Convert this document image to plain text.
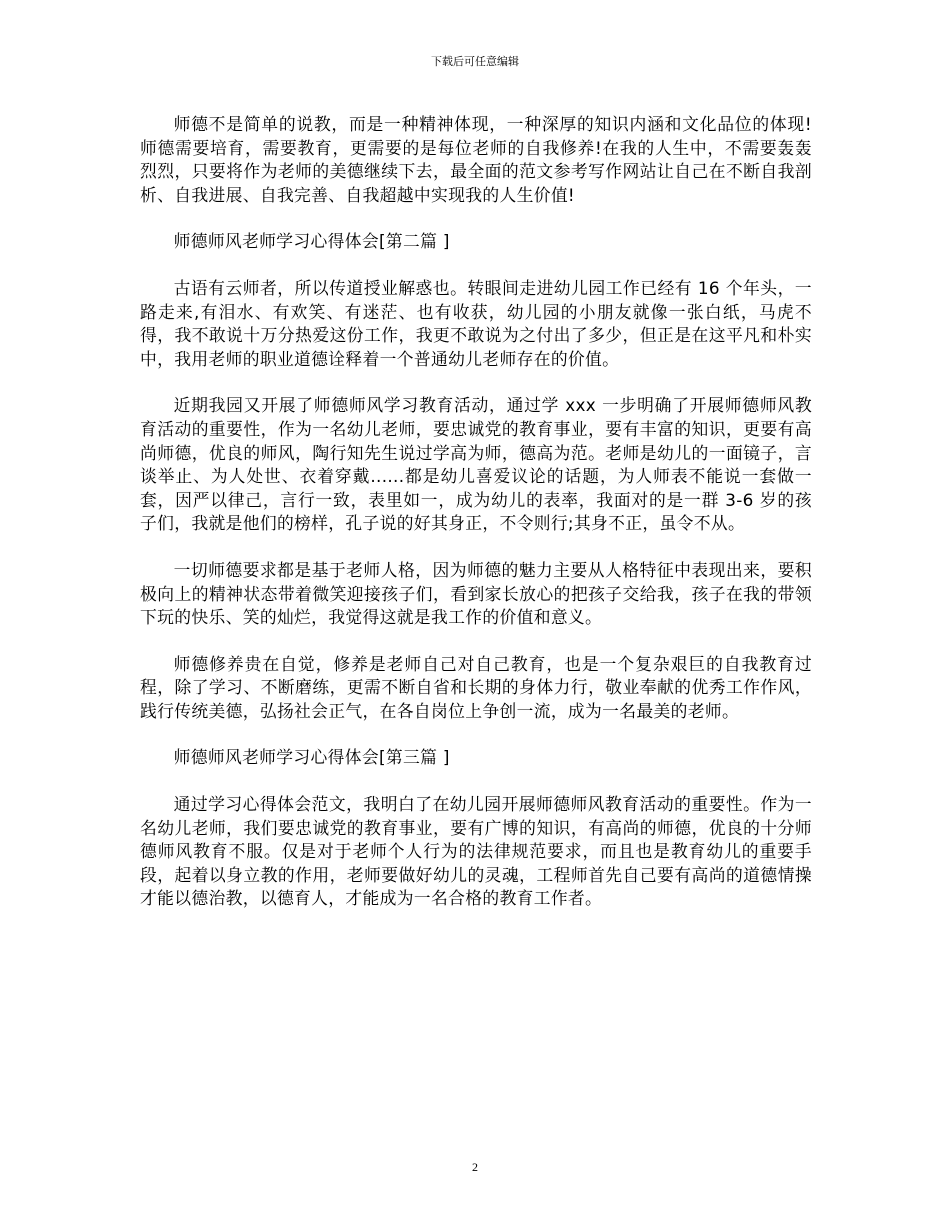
下载后可任意编辑

师德不是简单的说教，而是一种精神体现，一种深厚的知识内涵和文化品位的体现!师德需要培育，需要教育，更需要的是每位老师的自我修养!在我的人生中，不需要轰轰烈烈，只要将作为老师的美德继续下去，最全面的范文参考写作网站让自己在不断自我剖析、自我进展、自我完善、自我超越中实现我的人生价值!

师德师风老师学习心得体会[第二篇 ]

古语有云师者，所以传道授业解惑也。转眼间走进幼儿园工作已经有 16 个年头，一路走来,有泪水、有欢笑、有迷茫、也有收获，幼儿园的小朋友就像一张白纸，马虎不得，我不敢说十万分热爱这份工作，我更不敢说为之付出了多少，但正是在这平凡和朴实中，我用老师的职业道德诠释着一个普通幼儿老师存在的价值。

近期我园又开展了师德师风学习教育活动，通过学 xxx 一步明确了开展师德师风教育活动的重要性，作为一名幼儿老师，要忠诚党的教育事业，要有丰富的知识，更要有高尚师德，优良的师风，陶行知先生说过学高为师，德高为范。老师是幼儿的一面镜子，言谈举止、为人处世、衣着穿戴......都是幼儿喜爱议论的话题，为人师表不能说一套做一套，因严以律己，言行一致，表里如一，成为幼儿的表率，我面对的是一群 3-6 岁的孩子们，我就是他们的榜样，孔子说的好其身正，不令则行;其身不正，虽令不从。

一切师德要求都是基于老师人格，因为师德的魅力主要从人格特征中表现出来，要积极向上的精神状态带着微笑迎接孩子们，看到家长放心的把孩子交给我，孩子在我的带领下玩的快乐、笑的灿烂，我觉得这就是我工作的价值和意义。

师德修养贵在自觉，修养是老师自己对自己教育，也是一个复杂艰巨的自我教育过程，除了学习、不断磨练，更需不断自省和长期的身体力行，敬业奉献的优秀工作作风，践行传统美德，弘扬社会正气，在各自岗位上争创一流，成为一名最美的老师。

师德师风老师学习心得体会[第三篇 ]

通过学习心得体会范文，我明白了在幼儿园开展师德师风教育活动的重要性。作为一名幼儿老师，我们要忠诚党的教育事业，要有广博的知识，有高尚的师德，优良的十分师德师风教育不服。仅是对于老师个人行为的法律规范要求，而且也是教育幼儿的重要手段，起着以身立教的作用，老师要做好幼儿的灵魂，工程师首先自己要有高尚的道德情操才能以德治教，以德育人，才能成为一名合格的教育工作者。

2
